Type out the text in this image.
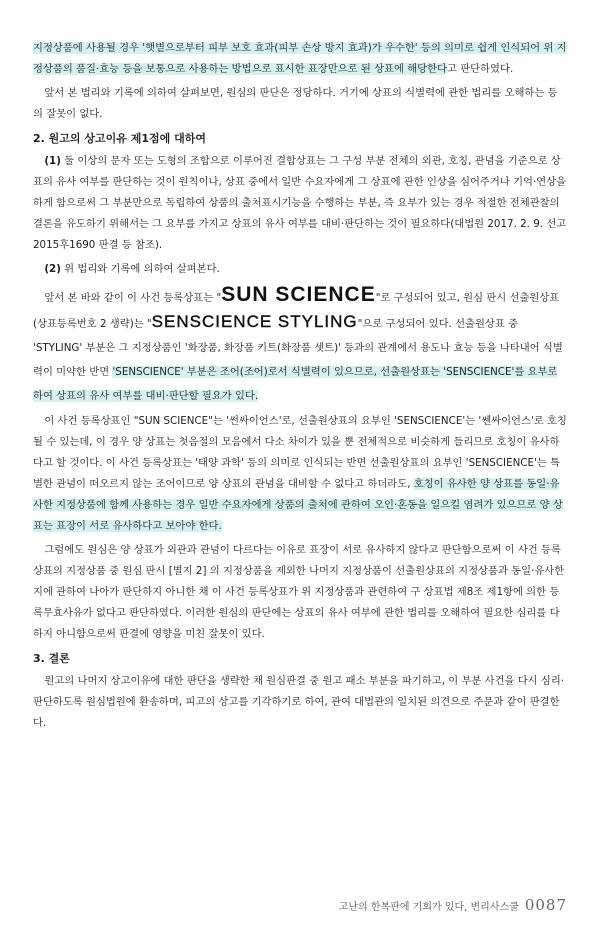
지정상품에 사용될 경우 '햇볕으로부터 피부 보호 효과(피부 손상 방지 효과)가 우수한' 등의 의미로 쉽게 인식되어 위 지정상품의 품질·효능 등을 보통으로 사용하는 방법으로 표시한 표장만으로 된 상표에 해당한다고 판단하였다.

앞서 본 법리와 기록에 의하여 살펴보면, 원심의 판단은 정당하다. 거기에 상표의 식별력에 관한 법리를 오해하는 등의 잘못이 없다.

2. 원고의 상고이유 제1점에 대하여

(1) 둘 이상의 문자 또는 도형의 조합으로 이루어진 결합상표는 그 구성 부분 전체의 외관, 호칭, 관념을 기준으로 상표의 유사 여부를 판단하는 것이 원칙이나, 상표 중에서 일반 수요자에게 그 상표에 관한 인상을 심어주거나 기억·연상을 하게 함으로써 그 부분만으로 독립하여 상품의 출처표시기능을 수행하는 부분, 즉 요부가 있는 경우 적절한 전체관찰의 결론을 유도하기 위해서는 그 요부를 가지고 상표의 유사 여부를 대비·판단하는 것이 필요하다(대법원 2017. 2. 9. 선고 2015후1690 판결 등 참조).

(2) 위 법리와 기록에 의하여 살펴본다.

앞서 본 바와 같이 이 사건 등록상표는 "SUN SCIENCE"로 구성되어 있고, 원심 판시 선출원상표(상표등록번호 2 생략)는 "SENSCIENCE STYLING"으로 구성되어 있다. 선출원상표 중 'STYLING' 부분은 그 지정상품인 '화장품, 화장품 키트(화장품 셋트)' 등과의 관계에서 용도나 효능 등을 나타내어 식별력이 미약한 반면 'SENSCIENCE' 부분은 조어(조어)로서 식별력이 있으므로, 선출원상표는 'SENSCIENCE'를 요부로 하여 상표의 유사 여부를 대비·판단할 필요가 있다.

이 사건 등록상표인 "SUN SCIENCE"는 '썬싸이언스'로, 선출원상표의 요부인 'SENSCIENCE'는 '쎈싸이언스'로 호칭될 수 있는데, 이 경우 양 상표는 첫음절의 모음에서 다소 차이가 있을 뿐 전체적으로 비슷하게 들리므로 호칭이 유사하다고 할 것이다. 이 사건 등록상표는 '태양 과학' 등의 의미로 인식되는 반면 선출원상표의 요부인 'SENSCIENCE'는 특별한 관념이 떠오르지 않는 조어이므로 양 상표의 관념을 대비할 수 없다고 하더라도, 호칭이 유사한 양 상표를 동일·유사한 지정상품에 함께 사용하는 경우 일반 수요자에게 상품의 출처에 관하여 오인·혼동을 일으킬 염려가 있으므로 양 상표는 표장이 서로 유사하다고 보아야 한다.

그럼에도 원심은 양 상표가 외관과 관념이 다르다는 이유로 표장이 서로 유사하지 않다고 판단함으로써 이 사건 등록상표의 지정상품 중 원심 판시 [별지 2] 의 지정상품을 제외한 나머지 지정상품이 선출원상표의 지정상품과 동일·유사한지에 관하여 나아가 판단하지 아니한 채 이 사건 등록상표가 위 지정상품과 관련하여 구 상표법 제8조 제1항에 의한 등록무효사유가 없다고 판단하였다. 이러한 원심의 판단에는 상표의 유사 여부에 관한 법리를 오해하여 필요한 심리를 다하지 아니함으로써 판결에 영향을 미친 잘못이 있다.

3. 결론

원고의 나머지 상고이유에 대한 판단을 생략한 채 원심판결 중 원고 패소 부분을 파기하고, 이 부분 사건을 다시 심리·판단하도록 원심법원에 환송하며, 피고의 상고를 기각하기로 하여, 관여 대법관의 일치된 의견으로 주문과 같이 판결한다.

고난의 한복판에 기회가 있다, 변리사스쿨 0087
